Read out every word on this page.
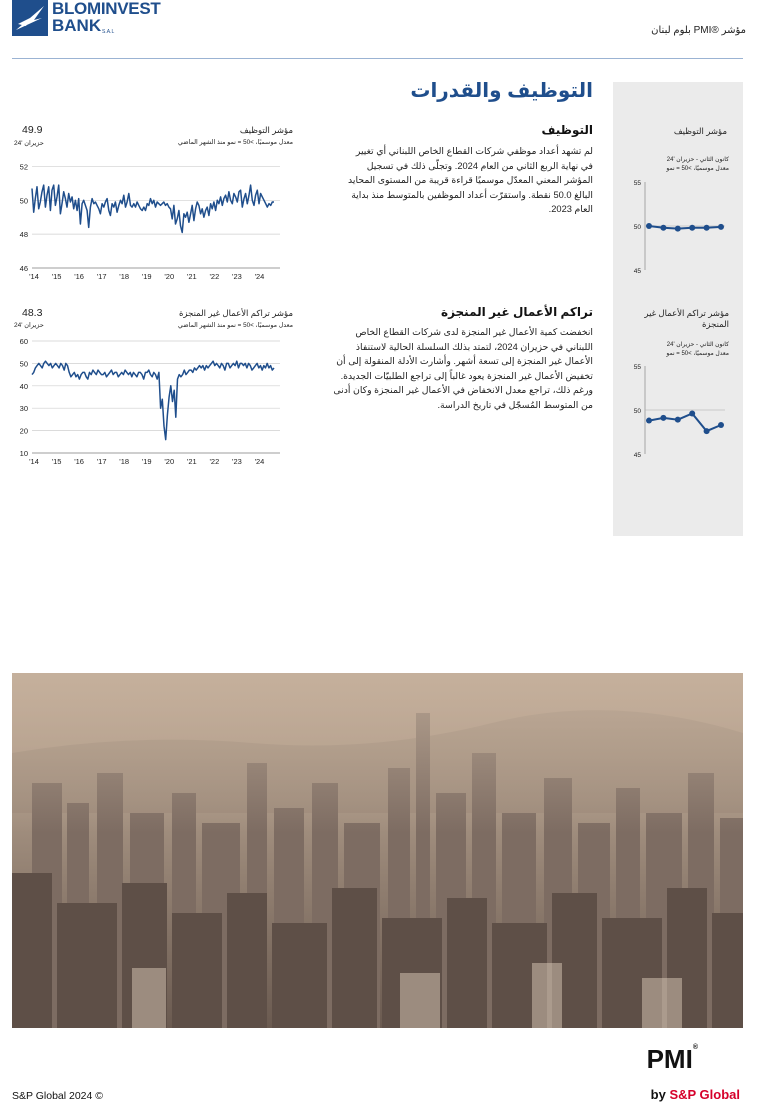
BLOMINVEST
BANK S.A.L	مؤشر ®PMI بلوم لبنان
التوظيف والقدرات
مؤشر التوظيف
كانون الثاني - حزيران '24
معدل موسميًا، >50 = نمو
45
50
55
مؤشر تراكم الأعمال غير المنجزة
كانون الثاني - حزيران '24
معدل موسميًا، >50 = نمو
45
50
55
التوظيف
لم تشهد أعداد موظفي شركات القطاع الخاص اللبناني أي تغيير في نهاية الربع الثاني من العام 2024. وتجلّى ذلك في تسجيل المؤشر المعني المعدّل موسميًا قراءة قريبة من المستوى المحايد البالغ 50.0 نقطة. واستقرّت أعداد الموظفين بالمتوسط منذ بداية العام 2023.
49.9
حزيران '24
مؤشر التوظيف
معدل موسميًا، >50 = نمو منذ الشهر الماضي
46
48
50
52
'14 '15 '16 '17 '18 '19 '20 '21 '22 '23 '24
تراكم الأعمال غير المنجزة
انخفضت كمية الأعمال غير المنجزة لدى شركات القطاع الخاص اللبناني في حزيران 2024، لتمتد بذلك السلسلة الحالية لاستنفاذ الأعمال غير المنجزة إلى تسعة أشهر. وأشارت الأدلة المنقولة إلى أن تخفيض الأعمال غير المنجزة يعود غالباً إلى تراجع الطلبيّات الجديدة. ورغم ذلك، تراجع معدل الانخفاض في الأعمال غير المنجزة وكان أدنى من المتوسط المُسجّل في تاريخ الدراسة.
48.3
حزيران '24
مؤشر تراكم الأعمال غير المنجزة
معدل موسميًا، >50 = نمو منذ الشهر الماضي
10
20
30
40
50
60
'14 '15 '16 '17 '18 '19 '20 '21 '22 '23 '24
S&P Global 2024 ©
PMI®
by S&P Global
